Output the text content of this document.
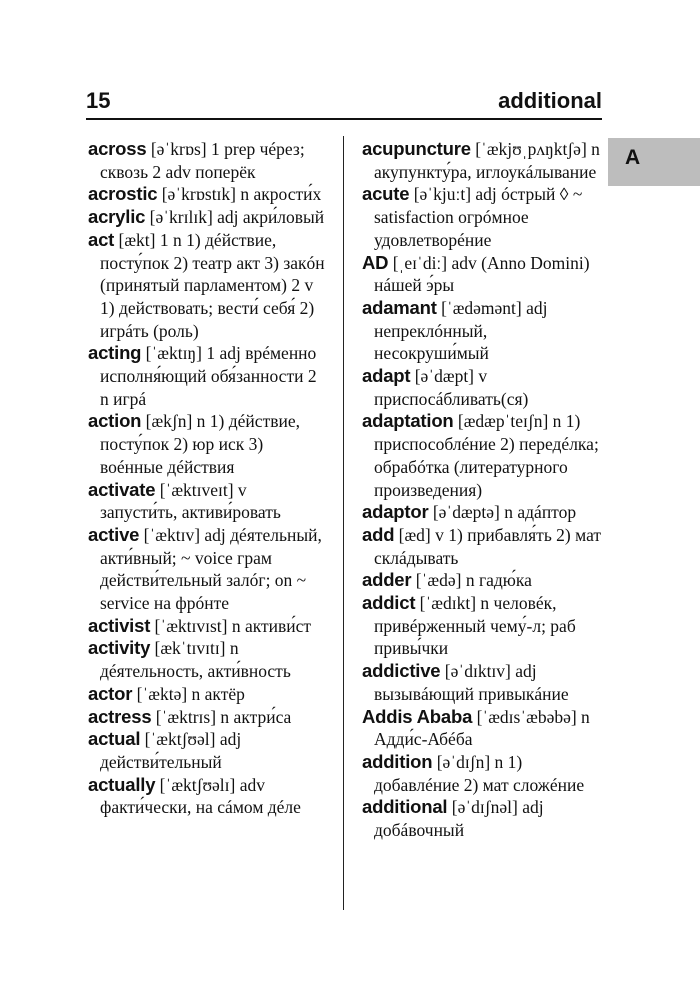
15	additional
A

across [əˈkrɒs] 1 prep чéрез; сквозь 2 adv поперёк

acrostic [əˈkrɒstɪk] n акрости́х

acrylic [əˈkrɪlɪk] adj акри́ловый

act [ækt] 1 n 1) дéйствие, посту́пок 2) театр акт 3) закóн (принятый парламентом) 2 v 1) действовать; вести́ себя́ 2) игрáть (роль)

acting [ˈæktɪŋ] 1 adj врéменно исполня́ющий обя́занности 2 n игрá

action [ækʃn] n 1) дéйствие, посту́пок 2) юр иск 3) воéнные дéйствия

activate [ˈæktɪveɪt] v запусти́ть, активи́ровать

active [ˈæktɪv] adj дéятельный, акти́вный; ~ voice грам действи́тельный залóг; on ~ service на фрóнте

activist [ˈæktɪvɪst] n активи́ст

activity [ækˈtɪvɪtɪ] n дéятельность, акти́вность

actor [ˈæktə] n актёр

actress [ˈæktrɪs] n актри́са

actual [ˈæktʃʊəl] adj действи́тельный

actually [ˈæktʃʊəlɪ] adv факти́чески, на сáмом дéле

acupuncture [ˈækjʊˌpʌŋktʃə] n акупункту́ра, иглоукáлывание

acute [əˈkjuːt] adj óстрый ◊ ~ satisfaction огрóмное удовлетворéние

AD [ˌeɪˈdiː] adv (Anno Domini) нáшей э́ры

adamant [ˈædəmənt] adj непреклóнный, несокруши́мый

adapt [əˈdæpt] v приспосáбливать(ся)

adaptation [ædæpˈteɪʃn] n 1) приспособлéние 2) передéлка; обрабóтка (литературного произведения)

adaptor [əˈdæptə] n адáптор

add [æd] v 1) прибавля́ть 2) мат склáдывать

adder [ˈædə] n гадю́ка

addict [ˈædɪkt] n человéк, привéрженный чему́-л; раб привы́чки

addictive [əˈdɪktɪv] adj вызывáющий привыкáние

Addis Ababa [ˈædɪsˈæbəbə] n Адди́с-Абéба

addition [əˈdɪʃn] n 1) добавлéние 2) мат сложéние

additional [əˈdɪʃnəl] adj добáвочный
